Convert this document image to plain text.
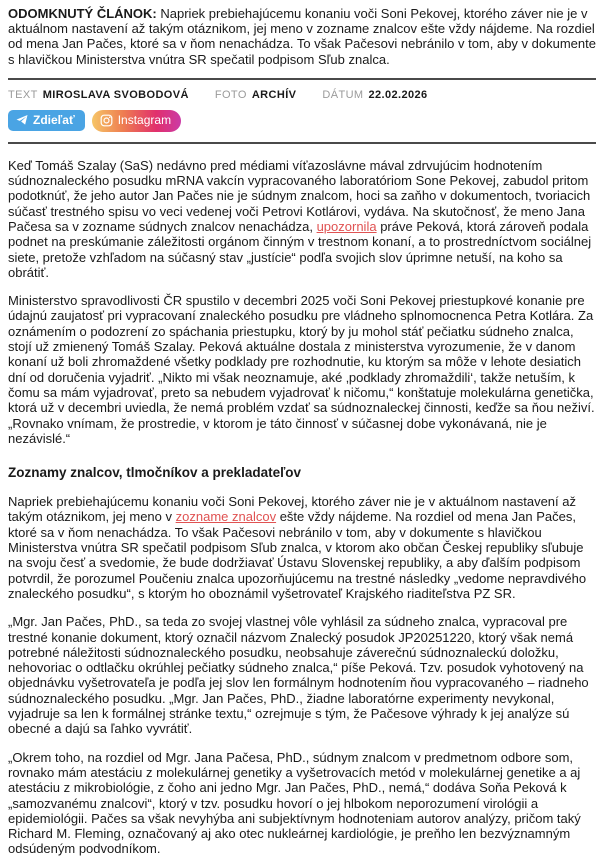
ODOMKNUTÝ ČLÁNOK: Napriek prebiehajúcemu konaniu voči Soni Pekovej, ktorého záver nie je v aktuálnom nastavení až takým otáznikom, jej meno v zozname znalcov ešte vždy nájdeme. Na rozdiel od mena Jan Pačes, ktoré sa v ňom nenachádza. To však Pačesovi nebránilo v tom, aby v dokumente s hlavičkou Ministerstva vnútra SR spečatil podpisom Sľub znalca.
TEXT MIROSLAVA SVOBODOVÁ FOTO ARCHÍV DÁTUM 22.02.2026
Zdieľať	Instagram

Keď Tomáš Szalay (SaS) nedávno pred médiami víťazoslávne mával zdrvujúcim hodnotením súdnoznaleckého posudku mRNA vakcín vypracovaného laboratóriom Sone Pekovej, zabudol pritom podotknúť, že jeho autor Jan Pačes nie je súdnym znalcom, hoci sa zaňho v dokumentoch, tvoriacich súčasť trestného spisu vo veci vedenej voči Petrovi Kotlárovi, vydáva. Na skutočnosť, že meno Jana Pačesa sa v zozname súdnych znalcov nenachádza, upozornila práve Peková, ktorá zároveň podala podnet na preskúmanie záležitosti orgánom činným v trestnom konaní, a to prostredníctvom sociálnej siete, pretože vzhľadom na súčasný stav „justície“ podľa svojich slov úprimne netuší, na koho sa obrátiť.

Ministerstvo spravodlivosti ČR spustilo v decembri 2025 voči Soni Pekovej priestupkové konanie pre údajnú zaujatosť pri vypracovaní znaleckého posudku pre vládneho splnomocnenca Petra Kotlára. Za oznámením o podozrení zo spáchania priestupku, ktorý by ju mohol stáť pečiatku súdneho znalca, stojí už zmienený Tomáš Szalay. Peková aktuálne dostala z ministerstva vyrozumenie, že v danom konaní už boli zhromaždené všetky podklady pre rozhodnutie, ku ktorým sa môže v lehote desiatich dní od doručenia vyjadriť. „Nikto mi však neoznamuje, aké ‚podklady zhromaždili‘, takže netuším, k čomu sa mám vyjadrovať, preto sa nebudem vyjadrovať k ničomu,“ konštatuje molekulárna genetička, ktorá už v decembri uviedla, že nemá problém vzdať sa súdnoznaleckej činnosti, keďže sa ňou neživí. „Rovnako vnímam, že prostredie, v ktorom je táto činnosť v súčasnej dobe vykonávaná, nie je nezávislé.“

Zoznamy znalcov, tlmočníkov a prekladateľov

Napriek prebiehajúcemu konaniu voči Soni Pekovej, ktorého záver nie je v aktuálnom nastavení až takým otáznikom, jej meno v zozname znalcov ešte vždy nájdeme. Na rozdiel od mena Jan Pačes, ktoré sa v ňom nenachádza. To však Pačesovi nebránilo v tom, aby v dokumente s hlavičkou Ministerstva vnútra SR spečatil podpisom Sľub znalca, v ktorom ako občan Českej republiky sľubuje na svoju česť a svedomie, že bude dodržiavať Ústavu Slovenskej republiky, a aby ďalším podpisom potvrdil, že porozumel Poučeniu znalca upozorňujúcemu na trestné následky „vedome nepravdivého znaleckého posudku“, s ktorým ho oboznámil vyšetrovateľ Krajského riaditeľstva PZ SR.

„Mgr. Jan Pačes, PhD., sa teda zo svojej vlastnej vôle vyhlásil za súdneho znalca, vypracoval pre trestné konanie dokument, ktorý označil názvom Znalecký posudok JP20251220, ktorý však nemá potrebné náležitosti súdnoznaleckého posudku, neobsahuje záverečnú súdnoznaleckú doložku, nehovoriac o odtlačku okrúhlej pečiatky súdneho znalca,“ píše Peková. Tzv. posudok vyhotovený na objednávku vyšetrovateľa je podľa jej slov len formálnym hodnotením ňou vypracovaného – riadneho súdnoznaleckého posudku. „Mgr. Jan Pačes, PhD., žiadne laboratórne experimenty nevykonal, vyjadruje sa len k formálnej stránke textu,“ ozrejmuje s tým, že Pačesove výhrady k jej analýze sú obecné a dajú sa ľahko vyvrátiť.

„Okrem toho, na rozdiel od Mgr. Jana Pačesa, PhD., súdnym znalcom v predmetnom odbore som, rovnako mám atestáciu z molekulárnej genetiky a vyšetrovacích metód v molekulárnej genetike a aj atestáciu z mikrobiológie, z čoho ani jedno Mgr. Jan Pačes, PhD., nemá,“ dodáva Soňa Peková k „samozvanému znalcovi“, ktorý v tzv. posudku hovorí o jej hlbokom neporozumení virológii a epidemiológii. Pačes sa však nevyhýba ani subjektívnym hodnoteniam autorov analýzy, pričom taký Richard M. Fleming, označovaný aj ako otec nukleárnej kardiológie, je preňho len bezvýznamným odsúdeným podvodníkom.
